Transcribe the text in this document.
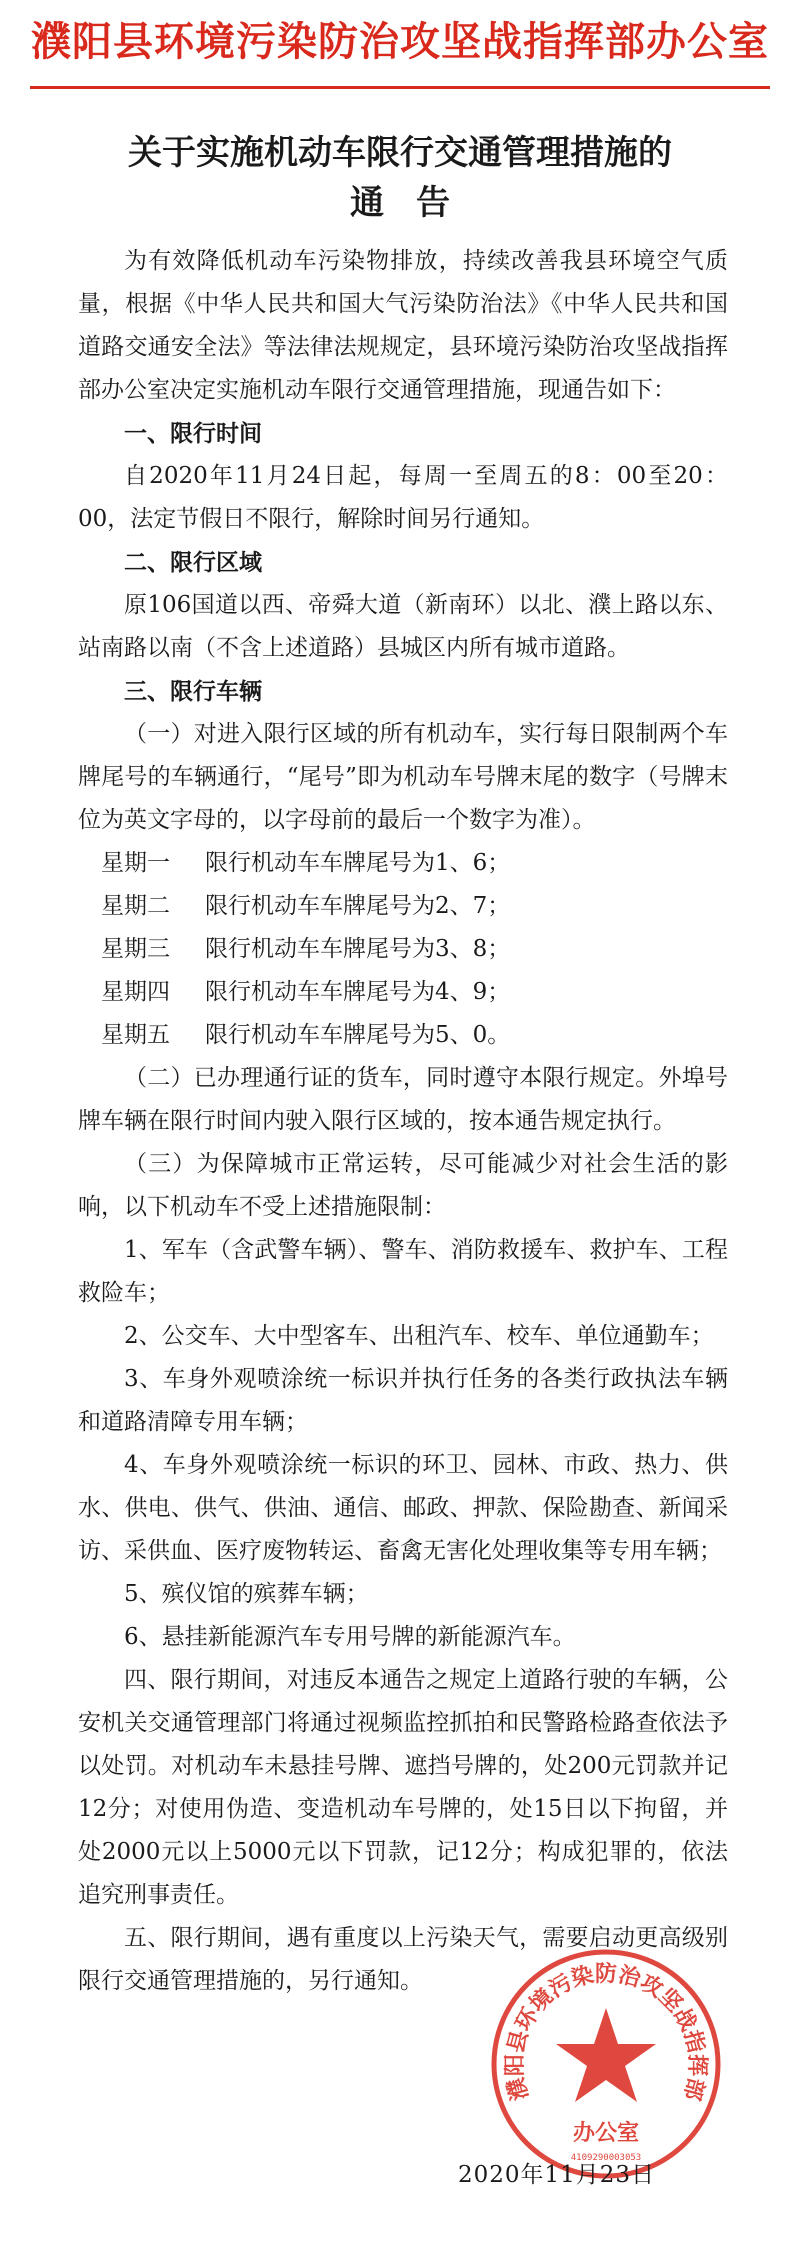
濮阳县环境污染防治攻坚战指挥部办公室
关于实施机动车限行交通管理措施的
通告

为有效降低机动车污染物排放，持续改善我县环境空气质量，根据《中华人民共和国大气污染防治法》《中华人民共和国道路交通安全法》等法律法规规定，县环境污染防治攻坚战指挥部办公室决定实施机动车限行交通管理措施，现通告如下：

一、限行时间

自2020年11月24日起，每周一至周五的8：00至20：00，法定节假日不限行，解除时间另行通知。

二、限行区域

原106国道以西、帝舜大道（新南环）以北、濮上路以东、站南路以南（不含上述道路）县城区内所有城市道路。

三、限行车辆

（一）对进入限行区域的所有机动车，实行每日限制两个车牌尾号的车辆通行，“尾号”即为机动车号牌末尾的数字（号牌末位为英文字母的，以字母前的最后一个数字为准）。

星期一 限行机动车车牌尾号为1、6；

星期二 限行机动车车牌尾号为2、7；

星期三 限行机动车车牌尾号为3、8；

星期四 限行机动车车牌尾号为4、9；

星期五 限行机动车车牌尾号为5、0。

（二）已办理通行证的货车，同时遵守本限行规定。外埠号牌车辆在限行时间内驶入限行区域的，按本通告规定执行。

（三）为保障城市正常运转，尽可能减少对社会生活的影响，以下机动车不受上述措施限制：

1、军车（含武警车辆）、警车、消防救援车、救护车、工程救险车；

2、公交车、大中型客车、出租汽车、校车、单位通勤车；

3、车身外观喷涂统一标识并执行任务的各类行政执法车辆和道路清障专用车辆；

4、车身外观喷涂统一标识的环卫、园林、市政、热力、供水、供电、供气、供油、通信、邮政、押款、保险勘查、新闻采访、采供血、医疗废物转运、畜禽无害化处理收集等专用车辆；

5、殡仪馆的殡葬车辆；

6、悬挂新能源汽车专用号牌的新能源汽车。

四、限行期间，对违反本通告之规定上道路行驶的车辆，公安机关交通管理部门将通过视频监控抓拍和民警路检路查依法予以处罚。对机动车未悬挂号牌、遮挡号牌的，处200元罚款并记12分；对使用伪造、变造机动车号牌的，处15日以下拘留，并处2000元以上5000元以下罚款，记12分；构成犯罪的，依法追究刑事责任。

五、限行期间，遇有重度以上污染天气，需要启动更高级别限行交通管理措施的，另行通知。

濮阳县环境污染防治攻坚战指挥部
办公室
4109290003053
2020年11月23日
